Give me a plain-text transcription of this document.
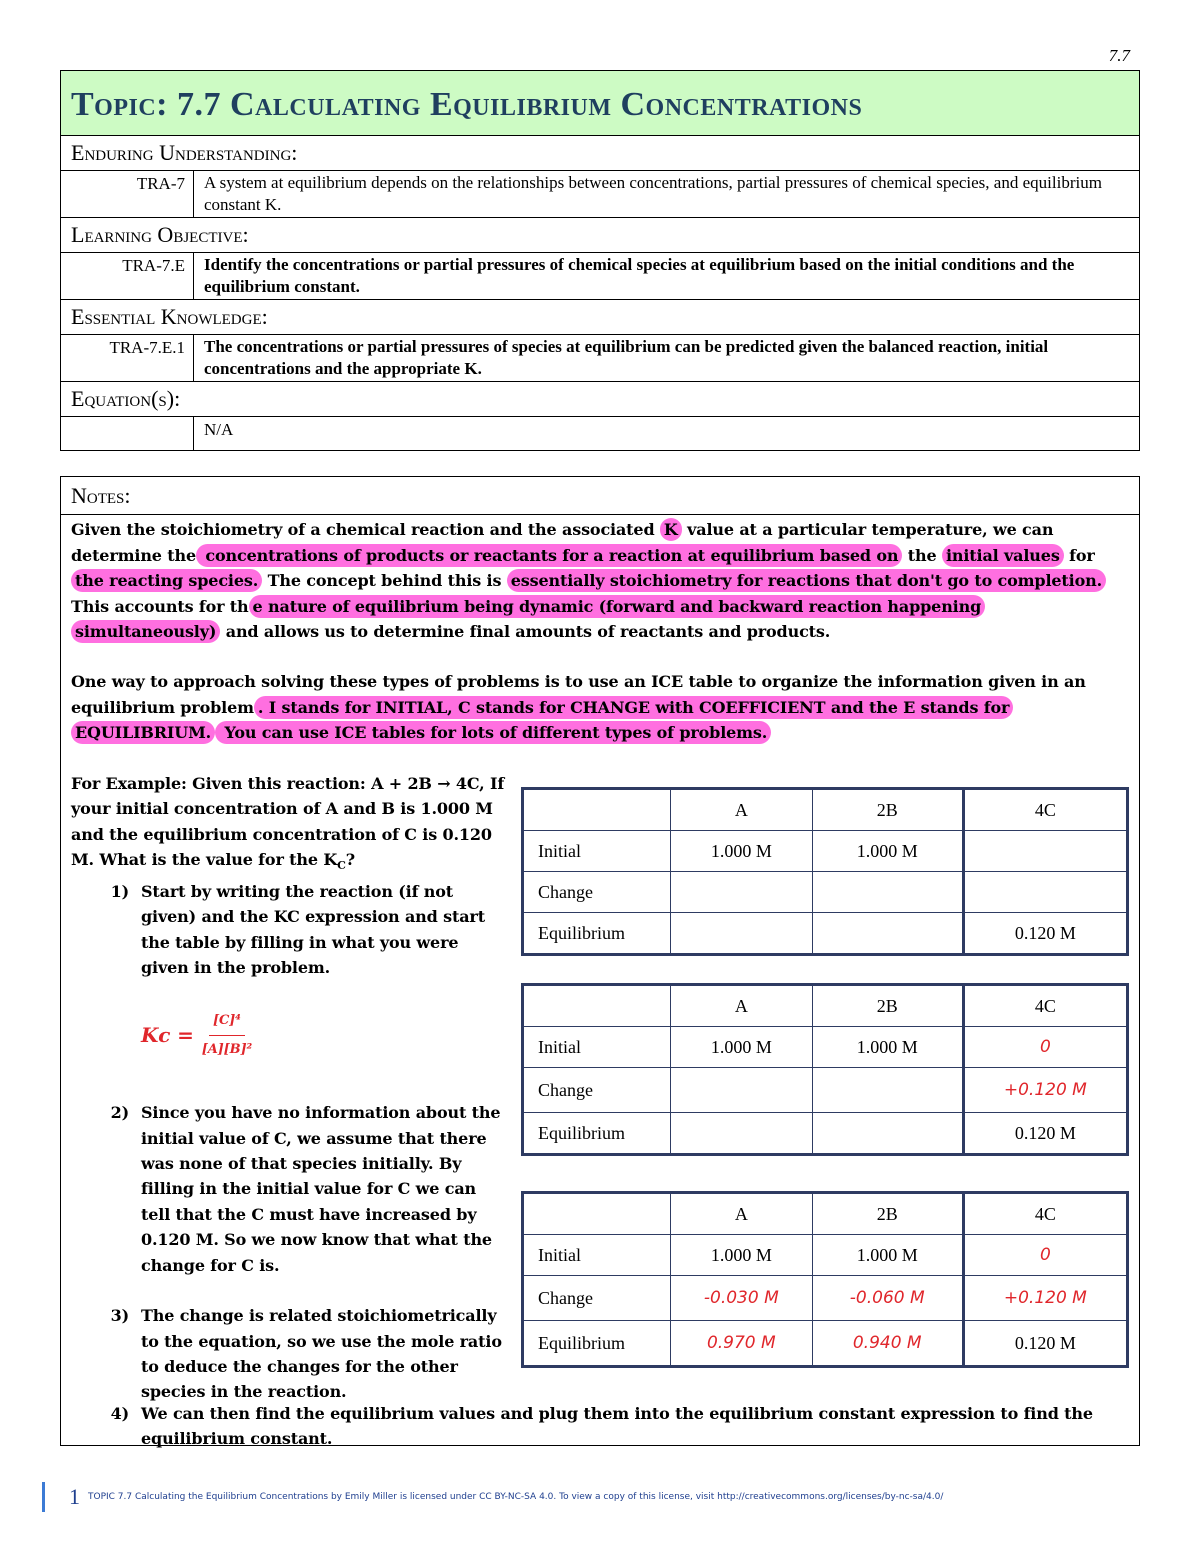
7.7
Topic: 7.7 Calculating Equilibrium Concentrations	
Enduring Understanding:	
TRA-7	A system at equilibrium depends on the relationships between concentrations, partial pressures of chemical species, and equilibrium constant K.
Learning Objective:	
TRA-7.E	Identify the concentrations or partial pressures of chemical species at equilibrium based on the initial conditions and the equilibrium constant.
Essential Knowledge:	
TRA-7.E.1	The concentrations or partial pressures of species at equilibrium can be predicted given the balanced reaction, initial concentrations and the appropriate K.
Equation(s):	
	N/A
Notes:
Given the stoichiometry of a chemical reaction and the associated K value at a particular temperature, we can determine the concentrations of products or reactants for a reaction at equilibrium based on the initial values for the reacting species. The concept behind this is essentially stoichiometry for reactions that don't go to completion. This accounts for th e nature of equilibrium being dynamic (forward and backward reaction happening simultaneously) and allows us to determine final amounts of reactants and products.
One way to approach solving these types of problems is to use an ICE table to organize the information given in an equilibrium problem . I stands for INITIAL, C stands for CHANGE with COEFFICIENT and the E stands for EQUILIBRIUM. You can use ICE tables for lots of different types of problems.
For Example: Given this reaction: A + 2B → 4C, If your initial concentration of A and B is 1.000 M and the equilibrium concentration of C is 0.120 M. What is the value for the $K_C$?
1) Start by writing the reaction (if not given) and the KC expression and start the table by filling in what you were given in the problem.
$Kc = \frac{\text{[C]⁴}}{\text{[A][B]²}}$
2) Since you have no information about the initial value of C, we assume that there was none of that species initially. By filling in the initial value for C we can tell that the C must have increased by 0.120 M. So we now know that what the change for C is.
3) The change is related stoichiometrically to the equation, so we use the mole ratio to deduce the changes for the other species in the reaction.
4) We can then find the equilibrium values and plug them into the equilibrium constant expression to find the equilibrium constant.
	A	2B	4C
Initial	1.000 M	1.000 M	
Change			
Equilibrium			0.120 M
	A	2B	4C
Initial	1.000 M	1.000 M	0
Change			+0.120 M
Equilibrium			0.120 M
	A	2B	4C
Initial	1.000 M	1.000 M	0
Change	-0.030 M	-0.060 M	+0.120 M
Equilibrium	0.970 M	0.940 M	0.120 M
1 TOPIC 7.7 Calculating the Equilibrium Concentrations by Emily Miller is licensed under CC BY-NC-SA 4.0. To view a copy of this license, visit http://creativecommons.org/licenses/by-nc-sa/4.0/
